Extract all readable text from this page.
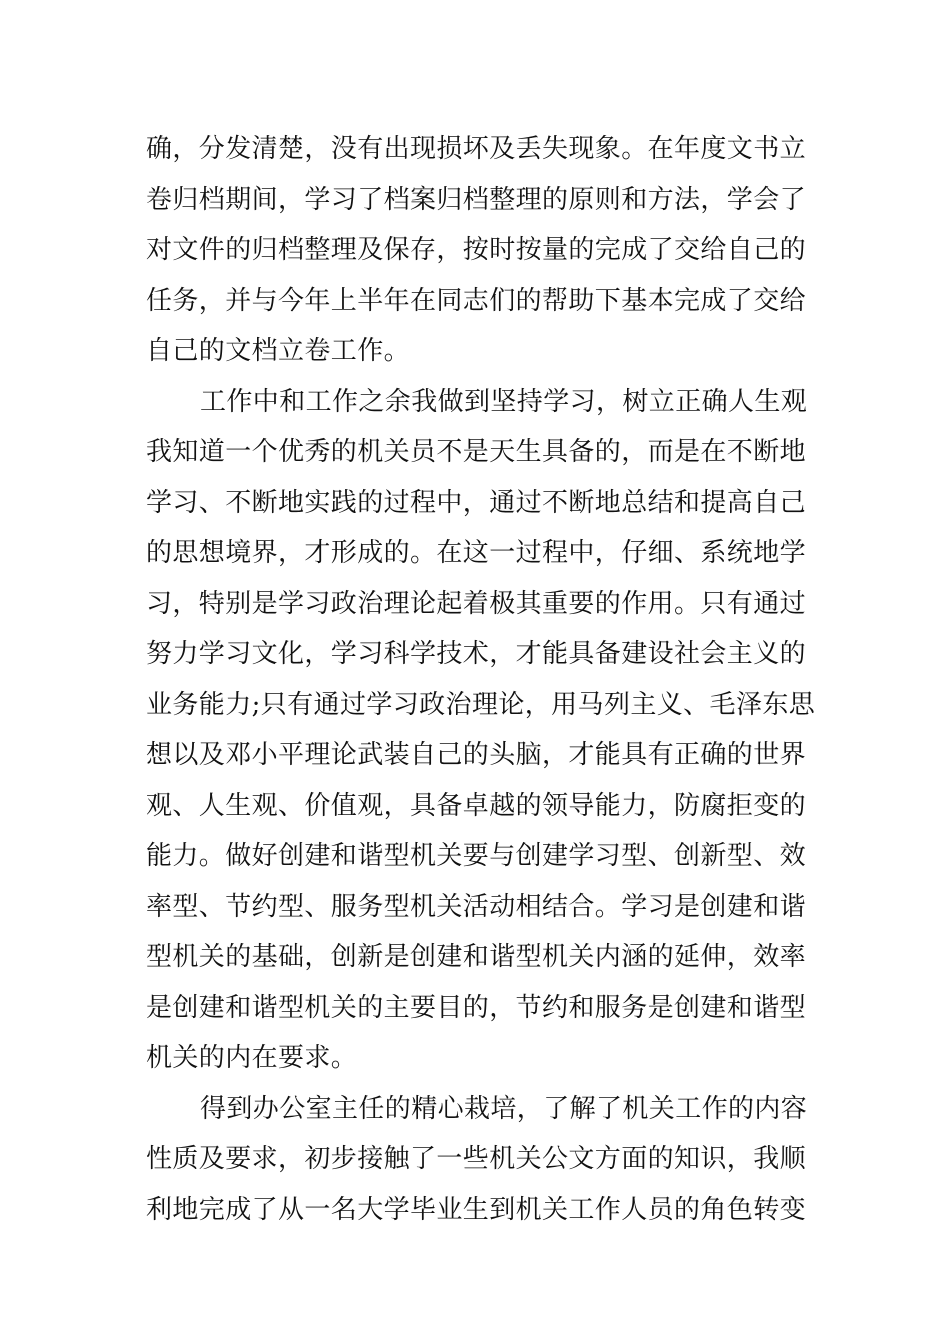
确，分发清楚，没有出现损坏及丢失现象。在年度文书立
卷归档期间，学习了档案归档整理的原则和方法，学会了
对文件的归档整理及保存，按时按量的完成了交给自己的
任务，并与今年上半年在同志们的帮助下基本完成了交给
自己的文档立卷工作。
工作中和工作之余我做到坚持学习，树立正确人生观
我知道一个优秀的机关员不是天生具备的，而是在不断地
学习、不断地实践的过程中，通过不断地总结和提高自己
的思想境界，才形成的。在这一过程中，仔细、系统地学
习，特别是学习政治理论起着极其重要的作用。只有通过
努力学习文化，学习科学技术，才能具备建设社会主义的
业务能力;只有通过学习政治理论，用马列主义、毛泽东思
想以及邓小平理论武装自己的头脑，才能具有正确的世界
观、人生观、价值观，具备卓越的领导能力，防腐拒变的
能力。做好创建和谐型机关要与创建学习型、创新型、效
率型、节约型、服务型机关活动相结合。学习是创建和谐
型机关的基础，创新是创建和谐型机关内涵的延伸，效率
是创建和谐型机关的主要目的，节约和服务是创建和谐型
机关的内在要求。
得到办公室主任的精心栽培，了解了机关工作的内容
性质及要求，初步接触了一些机关公文方面的知识，我顺
利地完成了从一名大学毕业生到机关工作人员的角色转变
